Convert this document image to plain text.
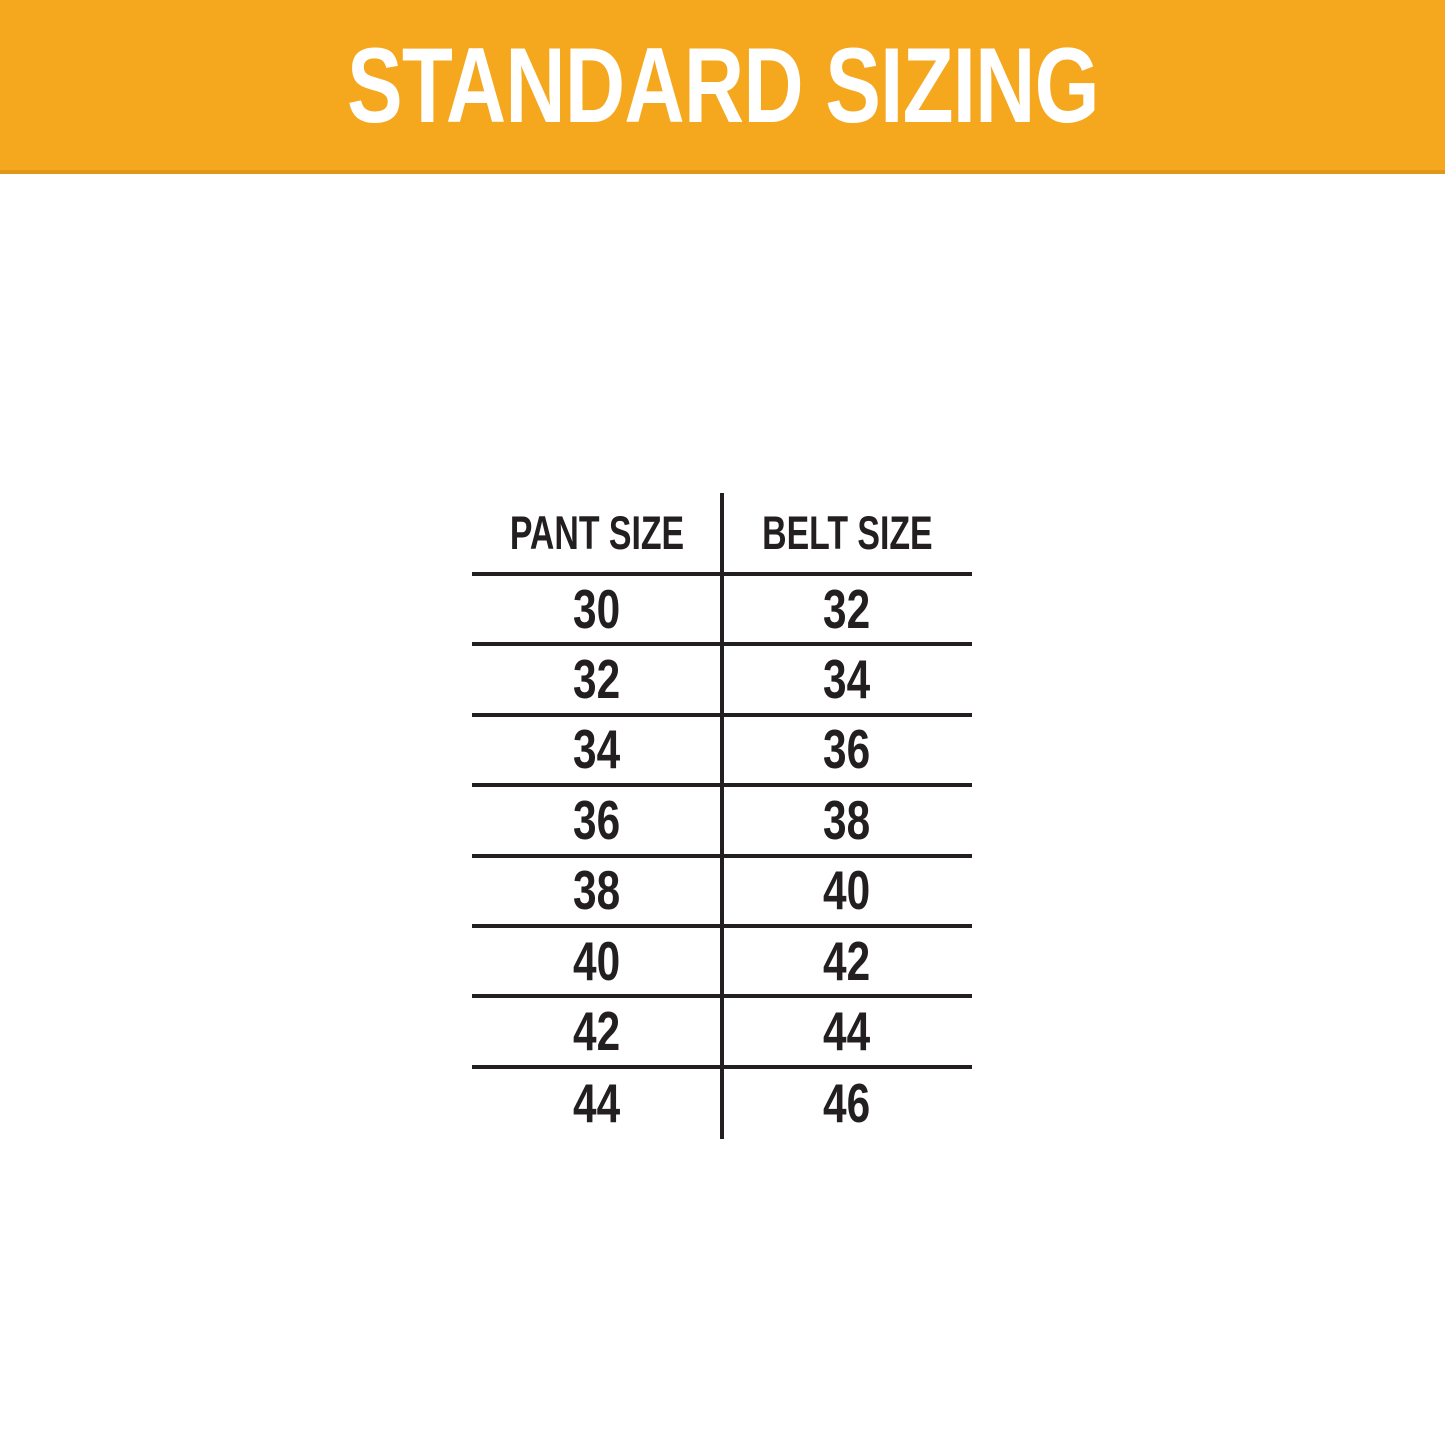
STANDARD SIZING
PANT SIZE BELT SIZE
30	32
32	34
34	36
36	38
38	40
40	42
42	44
44	46
